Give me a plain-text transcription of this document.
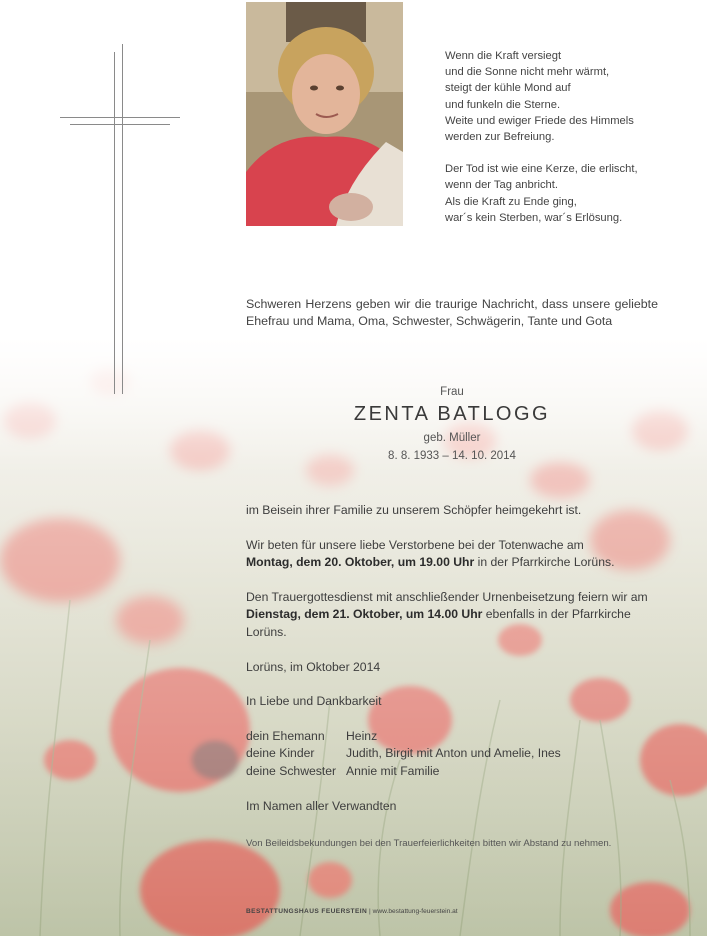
Wenn die Kraft versiegt
und die Sonne nicht mehr wärmt,
steigt der kühle Mond auf
und funkeln die Sterne.
Weite und ewiger Friede des Himmels
werden zur Befreiung.

Der Tod ist wie eine Kerze, die erlischt,
wenn der Tag anbricht.
Als die Kraft zu Ende ging,
war´s kein Sterben, war´s Erlösung.

Schweren Herzens geben wir die traurige Nachricht, dass unsere geliebte Ehefrau und Mama, Oma, Schwester, Schwägerin, Tante und Gota
Frau
ZENTA BATLOGG
geb. Müller
8. 8. 1933 – 14. 10. 2014

im Beisein ihrer Familie zu unserem Schöpfer heimgekehrt ist.

Wir beten für unsere liebe Verstorbene bei der Totenwache am
Montag, dem 20. Oktober, um 19.00 Uhr in der Pfarrkirche Lorüns.

Den Trauergottesdienst mit anschließender Urnenbeisetzung feiern wir am Dienstag, dem 21. Oktober, um 14.00 Uhr ebenfalls in der Pfarrkirche Lorüns.

Lorüns, im Oktober 2014

In Liebe und Dankbarkeit

dein Ehemann	Heinz
deine Kinder	Judith, Birgit mit Anton und Amelie, Ines
deine Schwester Annie mit Familie

Im Namen aller Verwandten

Von Beileidsbekundungen bei den Trauerfeierlichkeiten bitten wir Abstand zu nehmen.
BESTATTUNGSHAUS FEUERSTEIN | www.bestattung-feuerstein.at
